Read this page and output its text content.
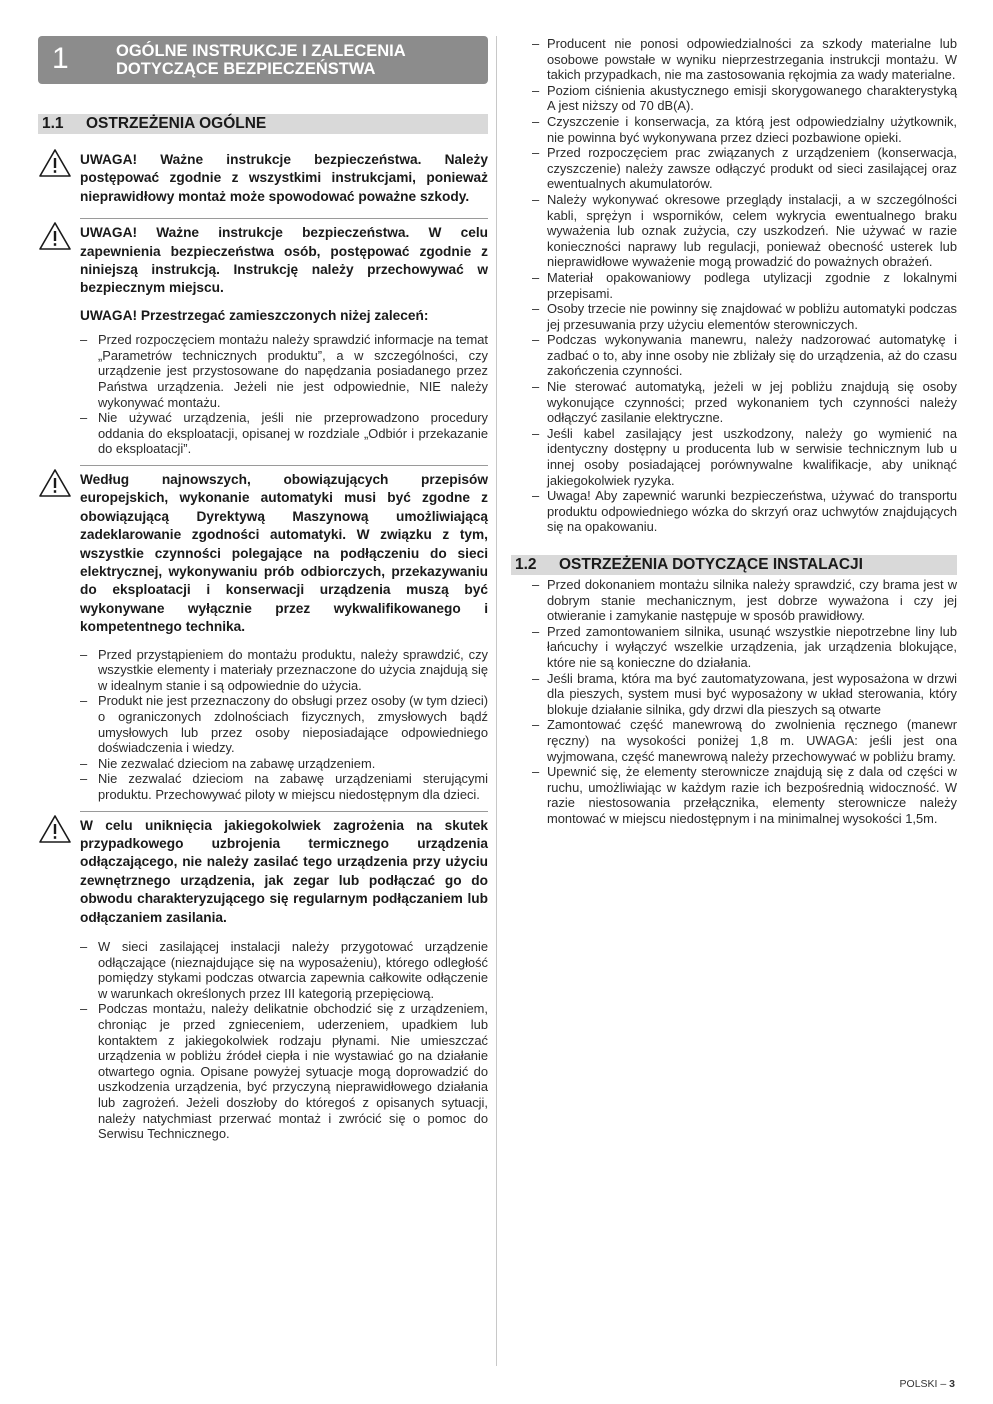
1	OGÓLNE INSTRUKCJE I ZALECENIA
DOTYCZĄCE BEZPIECZEŃSTWA
1.1 OSTRZEŻENIA OGÓLNE
UWAGA! Ważne instrukcje bezpieczeństwa. Należy postępować zgodnie z wszystkimi instrukcjami, ponieważ nieprawidłowy montaż może spowodować poważne szkody.
UWAGA! Ważne instrukcje bezpieczeństwa. W celu zapewnienia bezpieczeństwa osób, postępować zgodnie z niniejszą instrukcją. Instrukcję należy przechowywać w bezpiecznym miejscu.
UWAGA! Przestrzegać zamieszczonych niżej zaleceń:
– Przed rozpoczęciem montażu należy sprawdzić informacje na temat „Parametrów technicznych produktu”, a w szczególności, czy urządzenie jest przystosowane do napędzania posiadanego przez Państwa urządzenia. Jeżeli nie jest odpowiednie, NIE należy wykonywać montażu.
– Nie używać urządzenia, jeśli nie przeprowadzono procedury oddania do eksploatacji, opisanej w rozdziale „Odbiór i przekazanie do eksploatacji”.
Według najnowszych, obowiązujących przepisów europejskich, wykonanie automatyki musi być zgodne z obowiązującą Dyrektywą Maszynową umożliwiającą zadeklarowanie zgodności automatyki. W związku z tym, wszystkie czynności polegające na podłączeniu do sieci elektrycznej, wykonywaniu prób odbiorczych, przekazywaniu do eksploatacji i konserwacji urządzenia muszą być wykonywane wyłącznie przez wykwalifikowanego i kompetentnego technika.
– Przed przystąpieniem do montażu produktu, należy sprawdzić, czy wszystkie elementy i materiały przeznaczone do użycia znajdują się w idealnym stanie i są odpowiednie do użycia.
– Produkt nie jest przeznaczony do obsługi przez osoby (w tym dzieci) o ograniczonych zdolnościach fizycznych, zmysłowych bądź umysłowych lub przez osoby nieposiadające odpowiedniego doświadczenia i wiedzy.
– Nie zezwalać dzieciom na zabawę urządzeniem.
– Nie zezwalać dzieciom na zabawę urządzeniami sterującymi produktu. Przechowywać piloty w miejscu niedostępnym dla dzieci.
W celu uniknięcia jakiegokolwiek zagrożenia na skutek przypadkowego uzbrojenia termicznego urządzenia odłączającego, nie należy zasilać tego urządzenia przy użyciu zewnętrznego urządzenia, jak zegar lub podłączać go do obwodu charakteryzującego się regularnym podłączaniem lub odłączaniem zasilania.
– W sieci zasilającej instalacji należy przygotować urządzenie odłączające (nieznajdujące się na wyposażeniu), którego odległość pomiędzy stykami podczas otwarcia zapewnia całkowite odłączenie w warunkach określonych przez III kategorią przepięciową.
– Podczas montażu, należy delikatnie obchodzić się z urządzeniem, chroniąc je przed zgnieceniem, uderzeniem, upadkiem lub kontaktem z jakiegokolwiek rodzaju płynami. Nie umieszczać urządzenia w pobliżu źródeł ciepła i nie wystawiać go na działanie otwartego ognia. Opisane powyżej sytuacje mogą doprowadzić do uszkodzenia urządzenia, być przyczyną nieprawidłowego działania lub zagrożeń. Jeżeli doszłoby do któregoś z opisanych sytuacji, należy natychmiast przerwać montaż i zwrócić się o pomoc do Serwisu Technicznego.
– Producent nie ponosi odpowiedzialności za szkody materialne lub osobowe powstałe w wyniku nieprzestrzegania instrukcji montażu. W takich przypadkach, nie ma zastosowania rękojmia za wady materialne.
– Poziom ciśnienia akustycznego emisji skorygowanego charakterystyką A jest niższy od 70 dB(A).
– Czyszczenie i konserwacja, za którą jest odpowiedzialny użytkownik, nie powinna być wykonywana przez dzieci pozbawione opieki.
– Przed rozpoczęciem prac związanych z urządzeniem (konserwacja, czyszczenie) należy zawsze odłączyć produkt od sieci zasilającej oraz ewentualnych akumulatorów.
– Należy wykonywać okresowe przeglądy instalacji, a w szczególności kabli, sprężyn i wsporników, celem wykrycia ewentualnego braku wyważenia lub oznak zużycia, czy uszkodzeń. Nie używać w razie konieczności naprawy lub regulacji, ponieważ obecność usterek lub nieprawidłowe wyważenie mogą prowadzić do poważnych obrażeń.
– Materiał opakowaniowy podlega utylizacji zgodnie z lokalnymi przepisami.
– Osoby trzecie nie powinny się znajdować w pobliżu automatyki podczas jej przesuwania przy użyciu elementów sterowniczych.
– Podczas wykonywania manewru, należy nadzorować automatykę i zadbać o to, aby inne osoby nie zbliżały się do urządzenia, aż do czasu zakończenia czynności.
– Nie sterować automatyką, jeżeli w jej pobliżu znajdują się osoby wykonujące czynności; przed wykonaniem tych czynności należy odłączyć zasilanie elektryczne.
– Jeśli kabel zasilający jest uszkodzony, należy go wymienić na identyczny dostępny u producenta lub w serwisie technicznym lub u innej osoby posiadającej porównywalne kwalifikacje, aby uniknąć jakiegokolwiek ryzyka.
– Uwaga! Aby zapewnić warunki bezpieczeństwa, używać do transportu produktu odpowiedniego wózka do skrzyń oraz uchwytów znajdujących się na opakowaniu.
1.2 OSTRZEŻENIA DOTYCZĄCE INSTALACJI
– Przed dokonaniem montażu silnika należy sprawdzić, czy brama jest w dobrym stanie mechanicznym, jest dobrze wyważona i czy jej otwieranie i zamykanie następuje w sposób prawidłowy.
– Przed zamontowaniem silnika, usunąć wszystkie niepotrzebne liny lub łańcuchy i wyłączyć wszelkie urządzenia, jak urządzenia blokujące, które nie są konieczne do działania.
– Jeśli brama, która ma być zautomatyzowana, jest wyposażona w drzwi dla pieszych, system musi być wyposażony w układ sterowania, który blokuje działanie silnika, gdy drzwi dla pieszych są otwarte
– Zamontować część manewrową do zwolnienia ręcznego (manewr ręczny) na wysokości poniżej 1,8 m. UWAGA: jeśli jest ona wyjmowana, część manewrową należy przechowywać w pobliżu bramy.
– Upewnić się, że elementy sterownicze znajdują się z dala od części w ruchu, umożliwiając w każdym razie ich bezpośrednią widoczność. W razie niestosowania przełącznika, elementy sterownicze należy montować w miejscu niedostępnym i na minimalnej wysokości 1,5m.
POLSKI – 3
